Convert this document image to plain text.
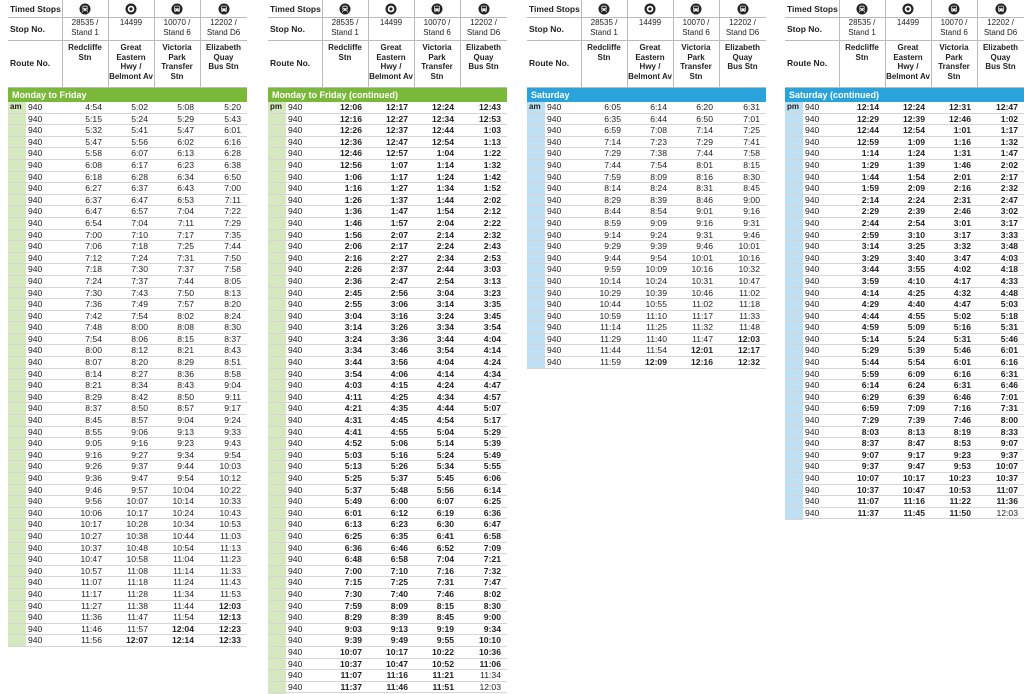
Timed Stops
Stop No.
Route No.
28535 /
Stand 1
Redcliffe
Stn
14499
Great
Eastern
Hwy /
Belmont Av
10070 /
Stand 6
Victoria
Park
Transfer Stn
12202 /
Stand D6
Elizabeth
Quay
Bus Stn
Monday to Friday
am 940	4:54	5:02	5:08	5:20
940	5:15	5:24	5:29	5:43
940	5:32	5:41	5:47	6:01
940	5:47	5:56	6:02	6:16
940	5:58	6:07	6:13	6:28
940	6:08	6:17	6:23	6:38
940	6:18	6:28	6:34	6:50
940	6:27	6:37	6:43	7:00
940	6:37	6:47	6:53	7:11
940	6:47	6:57	7:04	7:22
940	6:54	7:04	7:11	7:29
940	7:00	7:10	7:17	7:35
940	7:06	7:18	7:25	7:44
940	7:12	7:24	7:31	7:50
940	7:18	7:30	7:37	7:58
940	7:24	7:37	7:44	8:05
940	7:30	7:43	7:50	8:13
940	7:36	7:49	7:57	8:20
940	7:42	7:54	8:02	8:24
940	7:48	8:00	8:08	8:30
940	7:54	8:06	8:15	8:37
940	8:00	8:12	8:21	8:43
940	8:07	8:20	8:29	8:51
940	8:14	8:27	8:36	8:58
940	8:21	8:34	8:43	9:04
940	8:29	8:42	8:50	9:11
940	8:37	8:50	8:57	9:17
940	8:45	8:57	9:04	9:24
940	8:55	9:06	9:13	9:33
940	9:05	9:16	9:23	9:43
940	9:16	9:27	9:34	9:54
940	9:26	9:37	9:44	10:03
940	9:36	9:47	9:54	10:12
940	9:46	9:57	10:04	10:22
940	9:56	10:07	10:14	10:33
940	10:06	10:17	10:24	10:43
940	10:17	10:28	10:34	10:53
940	10:27	10:38	10:44	11:03
940	10:37	10:48	10:54	11:13
940	10:47	10:58	11:04	11:23
940	10:57	11:08	11:14	11:33
940	11:07	11:18	11:24	11:43
940	11:17	11:28	11:34	11:53
940	11:27	11:38	11:44	12:03
940	11:36	11:47	11:54	12:13
940	11:46	11:57	12:04	12:23
940	11:56	12:07	12:14	12:33
Timed Stops
Stop No.
Route No.
28535 /
Stand 1
Redcliffe
Stn
14499
Great
Eastern
Hwy /
Belmont Av
10070 /
Stand 6
Victoria
Park
Transfer Stn
12202 /
Stand D6
Elizabeth
Quay
Bus Stn
Monday to Friday (continued)
pm 940	12:06	12:17	12:24	12:43
940	12:16	12:27	12:34	12:53
940	12:26	12:37	12:44	1:03
940	12:36	12:47	12:54	1:13
940	12:46	12:57	1:04	1:22
940	12:56	1:07	1:14	1:32
940	1:06	1:17	1:24	1:42
940	1:16	1:27	1:34	1:52
940	1:26	1:37	1:44	2:02
940	1:36	1:47	1:54	2:12
940	1:46	1:57	2:04	2:22
940	1:56	2:07	2:14	2:32
940	2:06	2:17	2:24	2:43
940	2:16	2:27	2:34	2:53
940	2:26	2:37	2:44	3:03
940	2:36	2:47	2:54	3:13
940	2:45	2:56	3:04	3:23
940	2:55	3:06	3:14	3:35
940	3:04	3:16	3:24	3:45
940	3:14	3:26	3:34	3:54
940	3:24	3:36	3:44	4:04
940	3:34	3:46	3:54	4:14
940	3:44	3:56	4:04	4:24
940	3:54	4:06	4:14	4:34
940	4:03	4:15	4:24	4:47
940	4:11	4:25	4:34	4:57
940	4:21	4:35	4:44	5:07
940	4:31	4:45	4:54	5:17
940	4:41	4:55	5:04	5:29
940	4:52	5:06	5:14	5:39
940	5:03	5:16	5:24	5:49
940	5:13	5:26	5:34	5:55
940	5:25	5:37	5:45	6:06
940	5:37	5:48	5:56	6:14
940	5:49	6:00	6:07	6:25
940	6:01	6:12	6:19	6:36
940	6:13	6:23	6:30	6:47
940	6:25	6:35	6:41	6:58
940	6:36	6:46	6:52	7:09
940	6:48	6:58	7:04	7:21
940	7:00	7:10	7:16	7:32
940	7:15	7:25	7:31	7:47
940	7:30	7:40	7:46	8:02
940	7:59	8:09	8:15	8:30
940	8:29	8:39	8:45	9:00
940	9:03	9:13	9:19	9:34
940	9:39	9:49	9:55	10:10
940	10:07	10:17	10:22	10:36
940	10:37	10:47	10:52	11:06
940	11:07	11:16	11:21	11:34
940	11:37	11:46	11:51	12:03
Timed Stops
Stop No.
Route No.
28535 /
Stand 1
Redcliffe
Stn
14499
Great
Eastern
Hwy /
Belmont Av
10070 /
Stand 6
Victoria
Park
Transfer Stn
12202 /
Stand D6
Elizabeth
Quay
Bus Stn
Saturday
am 940	6:05	6:14	6:20	6:31
940	6:35	6:44	6:50	7:01
940	6:59	7:08	7:14	7:25
940	7:14	7:23	7:29	7:41
940	7:29	7:38	7:44	7:58
940	7:44	7:54	8:01	8:15
940	7:59	8:09	8:16	8:30
940	8:14	8:24	8:31	8:45
940	8:29	8:39	8:46	9:00
940	8:44	8:54	9:01	9:16
940	8:59	9:09	9:16	9:31
940	9:14	9:24	9:31	9:46
940	9:29	9:39	9:46	10:01
940	9:44	9:54	10:01	10:16
940	9:59	10:09	10:16	10:32
940	10:14	10:24	10:31	10:47
940	10:29	10:39	10:46	11:02
940	10:44	10:55	11:02	11:18
940	10:59	11:10	11:17	11:33
940	11:14	11:25	11:32	11:48
940	11:29	11:40	11:47	12:03
940	11:44	11:54	12:01	12:17
940	11:59	12:09	12:16	12:32
Timed Stops
Stop No.
Route No.
28535 /
Stand 1
Redcliffe
Stn
14499
Great
Eastern
Hwy /
Belmont Av
10070 /
Stand 6
Victoria
Park
Transfer Stn
12202 /
Stand D6
Elizabeth
Quay
Bus Stn
Saturday (continued)
pm 940	12:14	12:24	12:31	12:47
940	12:29	12:39	12:46	1:02
940	12:44	12:54	1:01	1:17
940	12:59	1:09	1:16	1:32
940	1:14	1:24	1:31	1:47
940	1:29	1:39	1:46	2:02
940	1:44	1:54	2:01	2:17
940	1:59	2:09	2:16	2:32
940	2:14	2:24	2:31	2:47
940	2:29	2:39	2:46	3:02
940	2:44	2:54	3:01	3:17
940	2:59	3:10	3:17	3:33
940	3:14	3:25	3:32	3:48
940	3:29	3:40	3:47	4:03
940	3:44	3:55	4:02	4:18
940	3:59	4:10	4:17	4:33
940	4:14	4:25	4:32	4:48
940	4:29	4:40	4:47	5:03
940	4:44	4:55	5:02	5:18
940	4:59	5:09	5:16	5:31
940	5:14	5:24	5:31	5:46
940	5:29	5:39	5:46	6:01
940	5:44	5:54	6:01	6:16
940	5:59	6:09	6:16	6:31
940	6:14	6:24	6:31	6:46
940	6:29	6:39	6:46	7:01
940	6:59	7:09	7:16	7:31
940	7:29	7:39	7:46	8:00
940	8:03	8:13	8:19	8:33
940	8:37	8:47	8:53	9:07
940	9:07	9:17	9:23	9:37
940	9:37	9:47	9:53	10:07
940	10:07	10:17	10:23	10:37
940	10:37	10:47	10:53	11:07
940	11:07	11:16	11:22	11:36
940	11:37	11:45	11:50	12:03
